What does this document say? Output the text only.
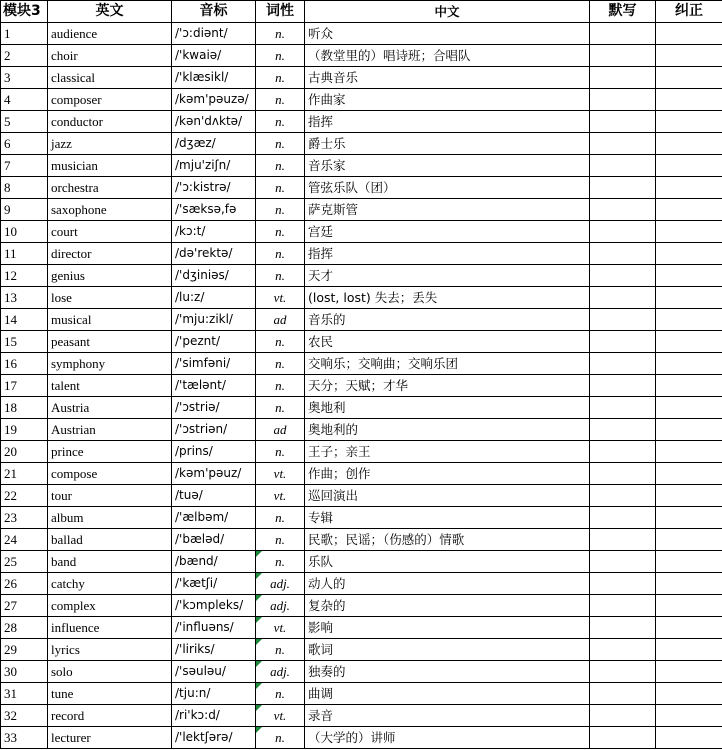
模块3	英文	音标	词性	中文	默写	纠正
1	audience	/'ɔ:diənt/	n.	听众		
2	choir	/'kwaiə/	n.	（教堂里的）唱诗班；合唱队		
3	classical	/'klæsikl/	n.	古典音乐		
4	composer	/kəm'pəuzə/	n.	作曲家		
5	conductor	/kən'dʌktə/	n.	指挥		
6	jazz	/dʒæz/	n.	爵士乐		
7	musician	/mju'ziʃn/	n.	音乐家		
8	orchestra	/'ɔ:kistrə/	n.	管弦乐队（团）		
9	saxophone	/'sæksə,fə	n.	萨克斯管		
10	court	/kɔ:t/	n.	宫廷		
11	director	/də'rektə/	n.	指挥		
12	genius	/'dʒiniəs/	n.	天才		
13	lose	/lu:z/	vt.	(lost, lost) 失去；丢失		
14	musical	/'mju:zikl/	ad	音乐的		
15	peasant	/'peznt/	n.	农民		
16	symphony	/'simfəni/	n.	交响乐；交响曲；交响乐团		
17	talent	/'tælənt/	n.	天分；天赋；才华		
18	Austria	/'ɔstriə/	n.	奥地利		
19	Austrian	/'ɔstriən/	ad	奥地利的		
20	prince	/prins/	n.	王子；亲王		
21	compose	/kəm'pəuz/	vt.	作曲；创作		
22	tour	/tuə/	vt.	巡回演出		
23	album	/'ælbəm/	n.	专辑		
24	ballad	/'bæləd/	n.	民歌；民谣；（伤感的）情歌		
25	band	/bænd/	n.	乐队		
26	catchy	/'kætʃi/	adj.	动人的		
27	complex	/'kɔmpleks/	adj.	复杂的		
28	influence	/'influəns/	vt.	影响		
29	lyrics	/'liriks/	n.	歌词		
30	solo	/'səuləu/	adj.	独奏的		
31	tune	/tju:n/	n.	曲调		
32	record	/ri'kɔ:d/	vt.	录音		
33	lecturer	/'lektʃərə/	n.	（大学的）讲师		
